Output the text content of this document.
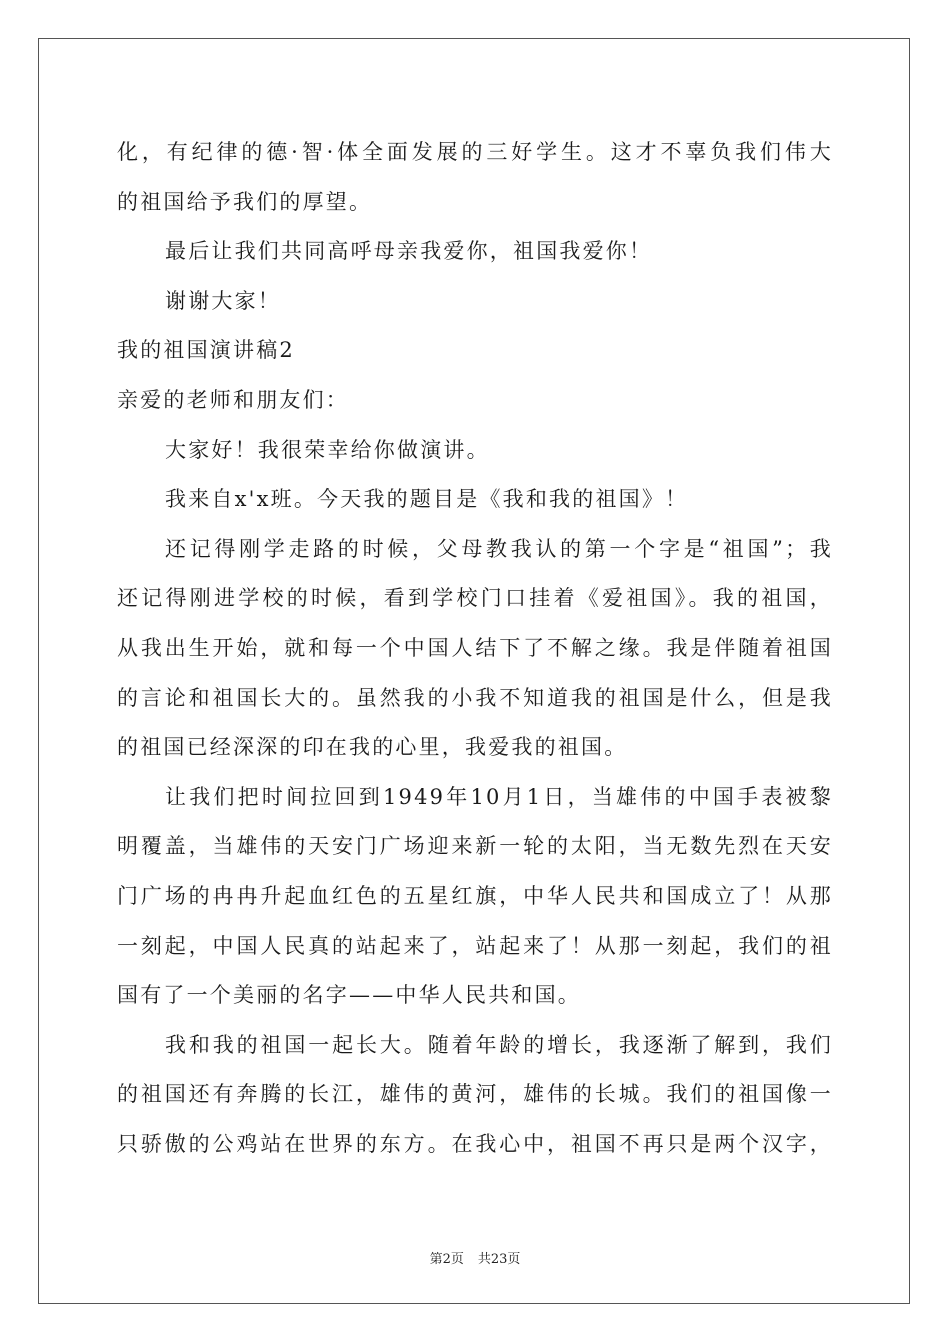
化，有纪律的德·智·体全面发展的三好学生。这才不辜负我们伟大
的祖国给予我们的厚望。
最后让我们共同高呼母亲我爱你，祖国我爱你！
谢谢大家！
我的祖国演讲稿2
亲爱的老师和朋友们：
大家好！我很荣幸给你做演讲。
我来自x'x班。今天我的题目是《我和我的祖国》！
还记得刚学走路的时候，父母教我认的第一个字是“祖国”；我
还记得刚进学校的时候，看到学校门口挂着《爱祖国》。我的祖国，
从我出生开始，就和每一个中国人结下了不解之缘。我是伴随着祖国
的言论和祖国长大的。虽然我的小我不知道我的祖国是什么，但是我
的祖国已经深深的印在我的心里，我爱我的祖国。
让我们把时间拉回到1949年10月1日，当雄伟的中国手表被黎
明覆盖，当雄伟的天安门广场迎来新一轮的太阳，当无数先烈在天安
门广场的冉冉升起血红色的五星红旗，中华人民共和国成立了！从那
一刻起，中国人民真的站起来了，站起来了！从那一刻起，我们的祖
国有了一个美丽的名字——中华人民共和国。
我和我的祖国一起长大。随着年龄的增长，我逐渐了解到，我们
的祖国还有奔腾的长江，雄伟的黄河，雄伟的长城。我们的祖国像一
只骄傲的公鸡站在世界的东方。在我心中，祖国不再只是两个汉字，
第2页 共23页
